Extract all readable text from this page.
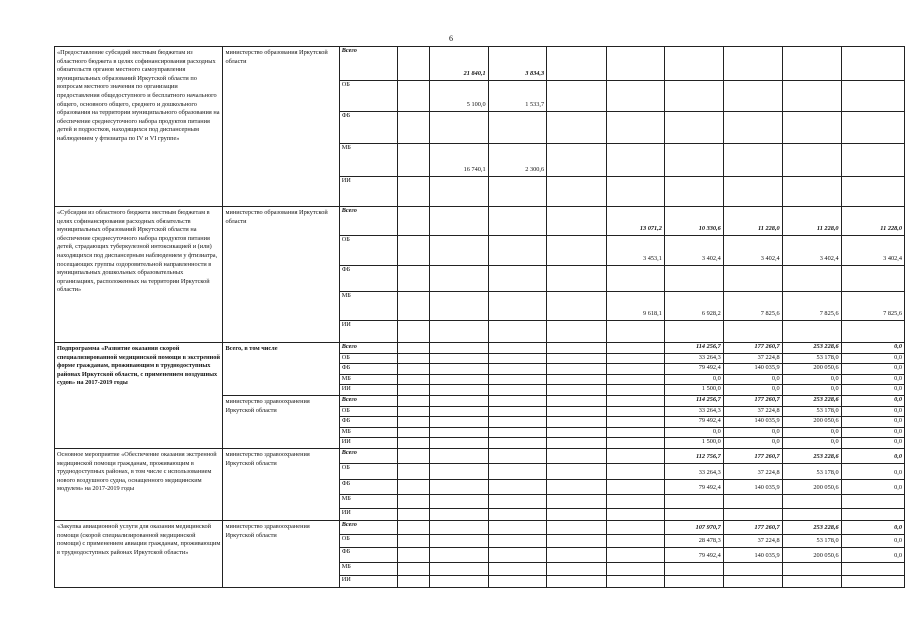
6
«Предоставление субсидий местным бюджетам из областного бюджета в целях софинансирования расходных обязательств органов местного самоуправления муниципальных образований Иркутской области по вопросам местного значения по организации предоставления общедоступного и бесплатного начального общего, основного общего, среднего и дошкольного образования на территории муниципального образования на обеспечение среднесуточного набора продуктов питания детей и подростков, находящихся под диспансерным наблюдением у фтизиатра по IV и VI группе»	министерство образования Иркутской области	Всего		21 840,1	3 834,3						
		ОБ		5 100,0	1 533,7						
		ФБ									
		МБ		16 740,1	2 300,6						
		ИИ									
«Субсидии из областного бюджета местным бюджетам в целях софинансирования расходных обязательств муниципальных образований Иркутской области на обеспечение среднесуточного набора продуктов питания детей, страдающих туберкулезной интоксикацией и (или) находящихся под диспансерным наблюдением у фтизиатра, посещающих группы оздоровительной направленности в муниципальных дошкольных образовательных организациях, расположенных на территории Иркутской области»	министерство образования Иркутской области	Всего					13 071,2	10 330,6	11 228,0	11 228,0	11 228,0
		ОБ					3 453,1	3 402,4	3 402,4	3 402,4	3 402,4
		ФБ									
		МБ					9 618,1	6 928,2	7 825,6	7 825,6	7 825,6
		ИИ									
Подпрограмма «Развитие оказания скорой специализированной медицинской помощи в экстренной форме гражданам, проживающим в труднодоступных районах Иркутской области, с применением воздушных судов» на 2017-2019 годы	Всего, в том числе	Всего						114 256,7	177 260,7	253 228,6	0,0
		ОБ						33 264,3	37 224,8	53 178,0	0,0
		ФБ						79 492,4	140 035,9	200 050,6	0,0
		МБ						0,0	0,0	0,0	0,0
		ИИ						1 500,0	0,0	0,0	0,0
	министерство здравоохранения Иркутской области	Всего						114 256,7	177 260,7	253 228,6	0,0
		ОБ						33 264,3	37 224,8	53 178,0	0,0
		ФБ						79 492,4	140 035,9	200 050,6	0,0
		МБ						0,0	0,0	0,0	0,0
		ИИ						1 500,0	0,0	0,0	0,0
Основное мероприятие «Обеспечение оказания экстренной медицинской помощи гражданам, проживающим в труднодоступных районах, в том числе с использованием нового воздушного судна, оснащенного медицинским модулем» на 2017-2019 годы	министерство здравоохранения Иркутской области	Всего						112 756,7	177 260,7	253 228,6	0,0
		ОБ						33 264,3	37 224,8	53 178,0	0,0
		ФБ						79 492,4	140 035,9	200 050,6	0,0
		МБ									
		ИИ									
«Закупка авиационной услуги для оказания медицинской помощи (скорой специализированной медицинской помощи) с применением авиации гражданам, проживающим в труднодоступных районах Иркутской области»	министерство здравоохранения Иркутской области	Всего						107 970,7	177 260,7	253 228,6	0,0
		ОБ						28 478,3	37 224,8	53 178,0	0,0
		ФБ						79 492,4	140 035,9	200 050,6	0,0
		МБ									
		ИИ									
